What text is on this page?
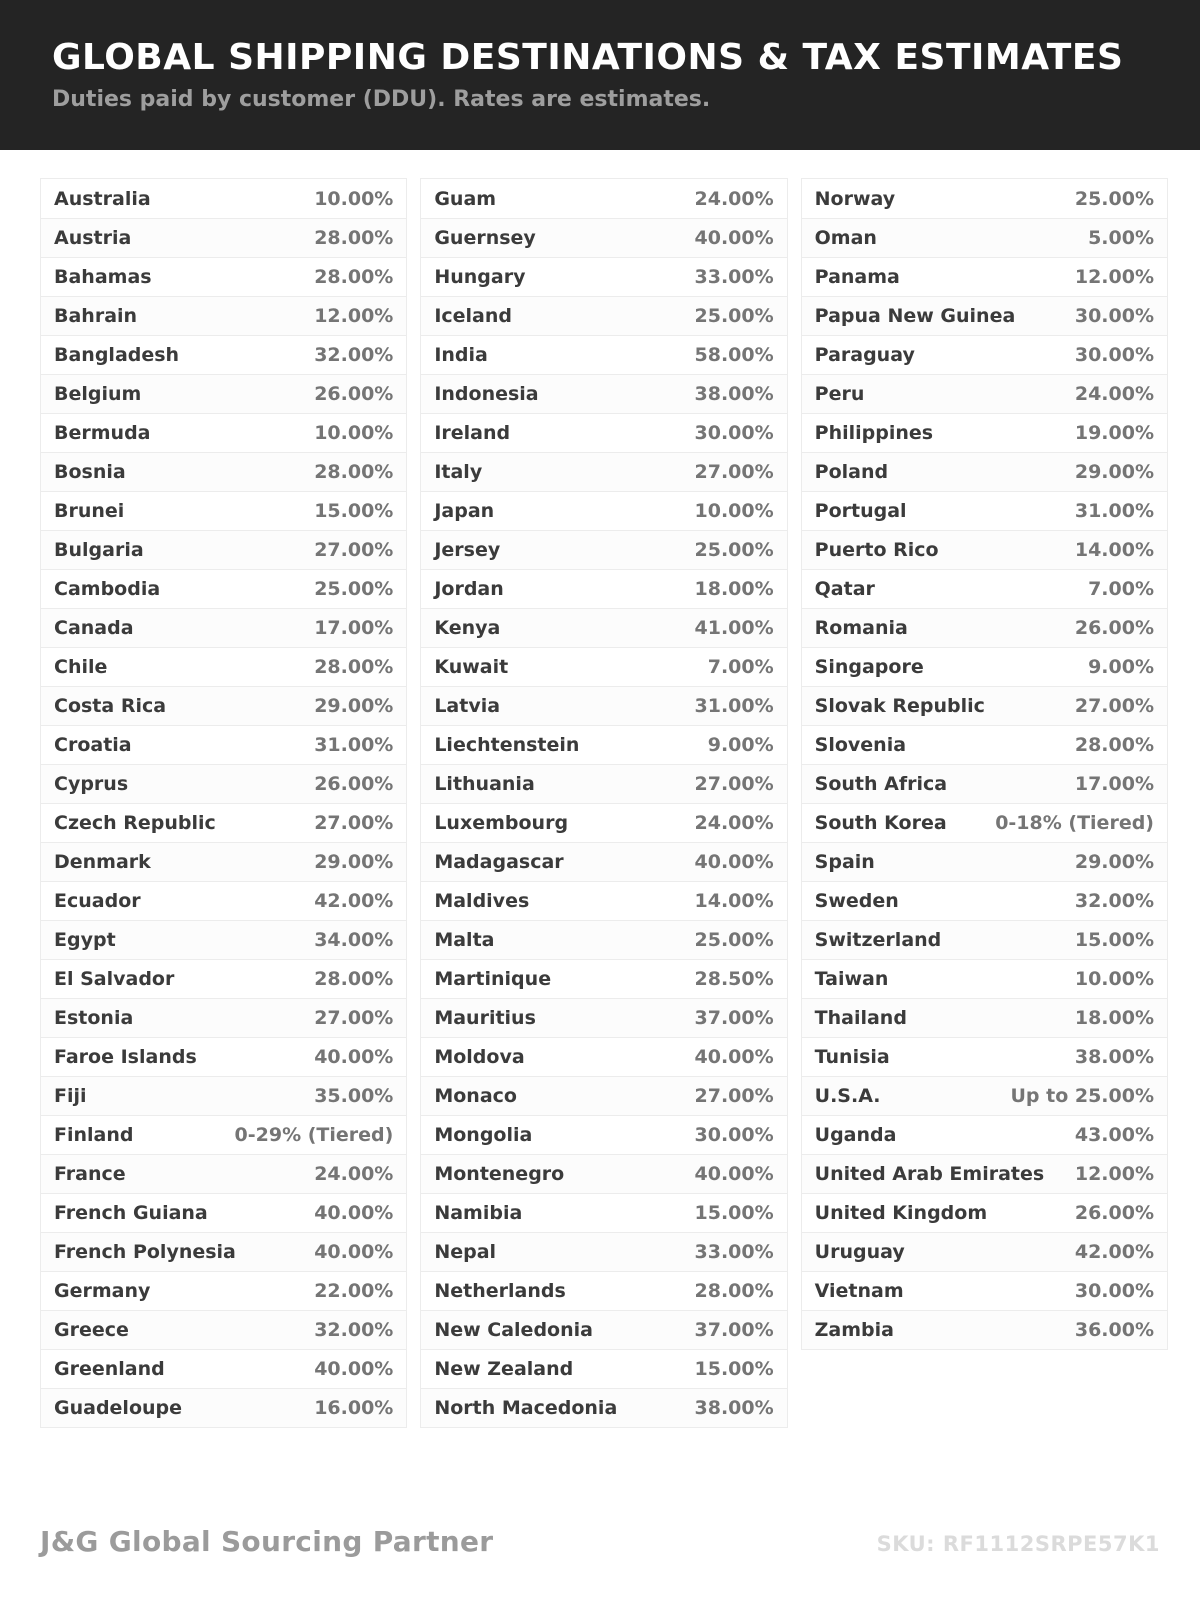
GLOBAL SHIPPING DESTINATIONS & TAX ESTIMATES
Duties paid by customer (DDU). Rates are estimates.
Australia	10.00%
Austria	28.00%
Bahamas	28.00%
Bahrain	12.00%
Bangladesh	32.00%
Belgium	26.00%
Bermuda	10.00%
Bosnia	28.00%
Brunei	15.00%
Bulgaria	27.00%
Cambodia	25.00%
Canada	17.00%
Chile	28.00%
Costa Rica	29.00%
Croatia	31.00%
Cyprus	26.00%
Czech Republic	27.00%
Denmark	29.00%
Ecuador	42.00%
Egypt	34.00%
El Salvador	28.00%
Estonia	27.00%
Faroe Islands	40.00%
Fiji	35.00%
Finland	0-29% (Tiered)
France	24.00%
French Guiana	40.00%
French Polynesia	40.00%
Germany	22.00%
Greece	32.00%
Greenland	40.00%
Guadeloupe	16.00%
Guam	24.00%
Guernsey	40.00%
Hungary	33.00%
Iceland	25.00%
India	58.00%
Indonesia	38.00%
Ireland	30.00%
Italy	27.00%
Japan	10.00%
Jersey	25.00%
Jordan	18.00%
Kenya	41.00%
Kuwait	7.00%
Latvia	31.00%
Liechtenstein	9.00%
Lithuania	27.00%
Luxembourg	24.00%
Madagascar	40.00%
Maldives	14.00%
Malta	25.00%
Martinique	28.50%
Mauritius	37.00%
Moldova	40.00%
Monaco	27.00%
Mongolia	30.00%
Montenegro	40.00%
Namibia	15.00%
Nepal	33.00%
Netherlands	28.00%
New Caledonia	37.00%
New Zealand	15.00%
North Macedonia	38.00%
Norway	25.00%
Oman	5.00%
Panama	12.00%
Papua New Guinea	30.00%
Paraguay	30.00%
Peru	24.00%
Philippines	19.00%
Poland	29.00%
Portugal	31.00%
Puerto Rico	14.00%
Qatar	7.00%
Romania	26.00%
Singapore	9.00%
Slovak Republic	27.00%
Slovenia	28.00%
South Africa	17.00%
South Korea	0-18% (Tiered)
Spain	29.00%
Sweden	32.00%
Switzerland	15.00%
Taiwan	10.00%
Thailand	18.00%
Tunisia	38.00%
U.S.A.	Up to 25.00%
Uganda	43.00%
United Arab Emirates 12.00%
United Kingdom	26.00%
Uruguay	42.00%
Vietnam	30.00%
Zambia	36.00%
J&G Global Sourcing Partner	SKU: RF1112SRPE57K1
